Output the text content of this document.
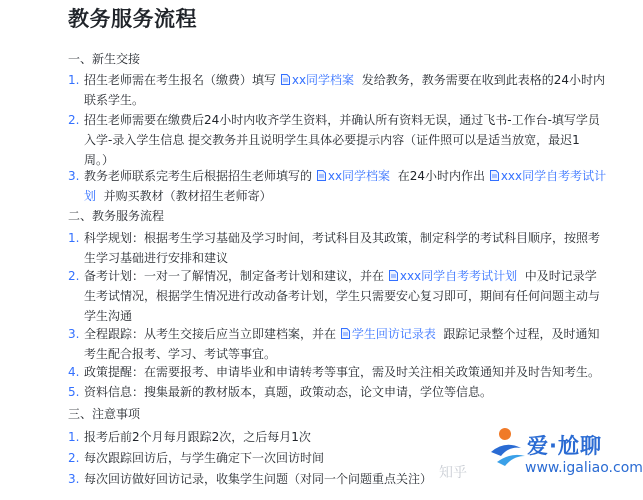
教务服务流程
一、新生交接
1. 招生老师需在考生报名（缴费）填写 xx同学档案 发给教务，教务需要在收到此表格的24小时内
联系学生。
2. 招生老师需要在缴费后24小时内收齐学生资料，并确认所有资料无误，通过飞书-工作台-填写学员
入学-录入学生信息 提交教务并且说明学生具体必要提示内容（证件照可以是适当放宽，最迟1
周。）
3. 教务老师联系完考生后根据招生老师填写的 xx同学档案 在24小时内作出 xxx同学自考考试计
划 并购买教材（教材招生老师寄）
二、教务服务流程
1. 科学规划：根据考生学习基础及学习时间，考试科目及其政策，制定科学的考试科目顺序，按照考
生学习基础进行安排和建议
2. 备考计划：一对一了解情况，制定备考计划和建议，并在 xxx同学自考考试计划 中及时记录学
生考试情况，根据学生情况进行改动备考计划，学生只需要安心复习即可，期间有任何问题主动与
学生沟通
3. 全程跟踪：从考生交接后应当立即建档案，并在 学生回访记录表 跟踪记录整个过程，及时通知
考生配合报考、学习、考试等事宜。
4. 政策提醒：在需要报考、申请毕业和申请转考等事宜，需及时关注相关政策通知并及时告知考生。
5. 资料信息：搜集最新的教材版本，真题，政策动态，论文申请，学位等信息。
三、注意事项
1. 报考后前2个月每月跟踪2次，之后每月1次
2. 每次跟踪回访后，与学生确定下一次回访时间
3. 每次回访做好回访记录，收集学生问题（对同一个问题重点关注） 知乎
爱·尬聊
www.igaliao.com
